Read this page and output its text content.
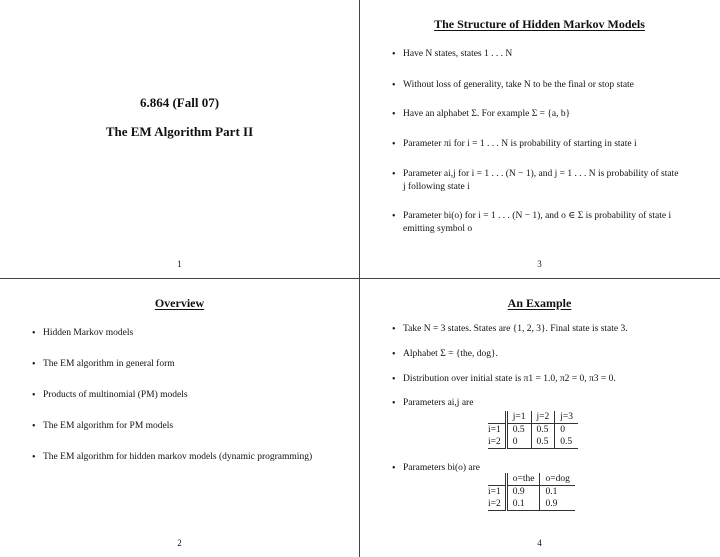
6.864 (Fall 07)
The EM Algorithm Part II
1
The Structure of Hidden Markov Models
• Have N states, states 1 . . . N
• Without loss of generality, take N to be the final or stop state
• Have an alphabet Σ. For example Σ = {a, b}
• Parameter πi for i = 1 . . . N is probability of starting in state i
• Parameter ai,j for i = 1 . . . (N − 1), and j = 1 . . . N is probability of state j following state i
• Parameter bi(o) for i = 1 . . . (N − 1), and o ∈ Σ is probability of state i emitting symbol o
3
Overview
• Hidden Markov models
• The EM algorithm in general form
• Products of multinomial (PM) models
• The EM algorithm for PM models
• The EM algorithm for hidden markov models (dynamic programming)
2
An Example
• Take N = 3 states. States are {1, 2, 3}. Final state is state 3.
• Alphabet Σ = {the, dog}.
• Distribution over initial state is π1 = 1.0, π2 = 0, π3 = 0.
• Parameters ai,j are
	j=1	j=2	j=3
i=1	0.5	0.5	0
i=2	0	0.5	0.5
• Parameters bi(o) are
	o=the	o=dog
i=1	0.9	0.1
i=2	0.1	0.9
4
